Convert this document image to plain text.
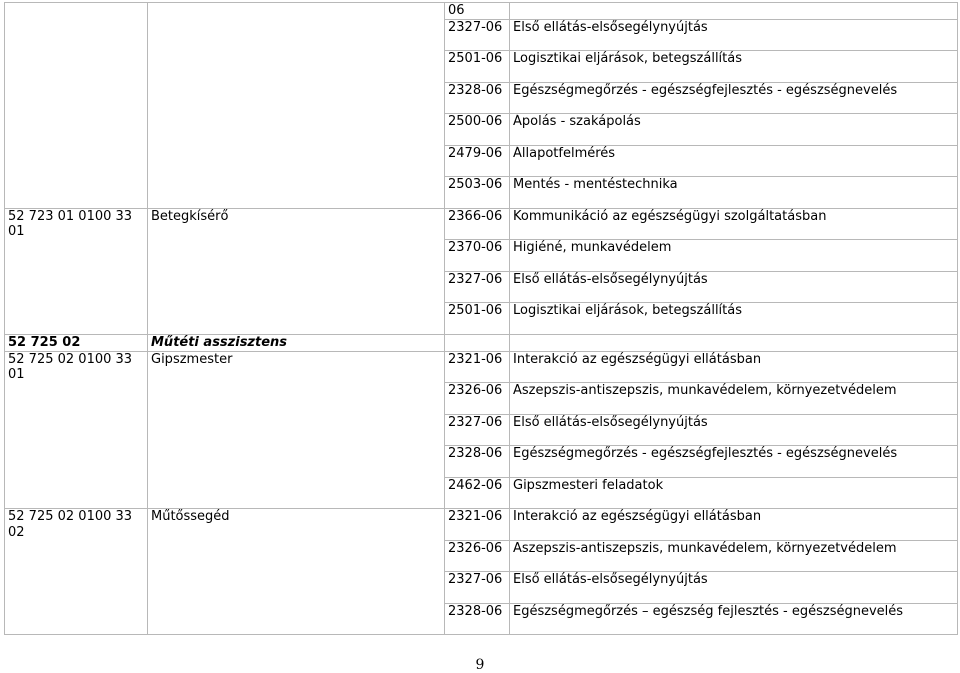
		06	
		2327-06	Első ellátás-elsősegélynyújtás
		2501-06	Logisztikai eljárások, betegszállítás
		2328-06	Egészségmegőrzés - egészségfejlesztés - egészségnevelés
		2500-06	Ápolás - szakápolás
		2479-06	Állapotfelmérés
		2503-06	Mentés - mentéstechnika
52 723 01 0100 33 01	Betegkísérő	2366-06	Kommunikáció az egészségügyi szolgáltatásban
		2370-06	Higiéné, munkavédelem
		2327-06	Első ellátás-elsősegélynyújtás
		2501-06	Logisztikai eljárások, betegszállítás
52 725 02	Műtéti asszisztens		
52 725 02 0100 33 01	Gipszmester	2321-06	Interakció az egészségügyi ellátásban
		2326-06	Aszepszis-antiszepszis, munkavédelem, környezetvédelem
		2327-06	Első ellátás-elsősegélynyújtás
		2328-06	Egészségmegőrzés - egészségfejlesztés - egészségnevelés
		2462-06	Gipszmesteri feladatok
52 725 02 0100 33 02	Műtőssegéd	2321-06	Interakció az egészségügyi ellátásban
		2326-06	Aszepszis-antiszepszis, munkavédelem, környezetvédelem
		2327-06	Első ellátás-elsősegélynyújtás
		2328-06	Egészségmegőrzés – egészség fejlesztés - egészségnevelés
9
